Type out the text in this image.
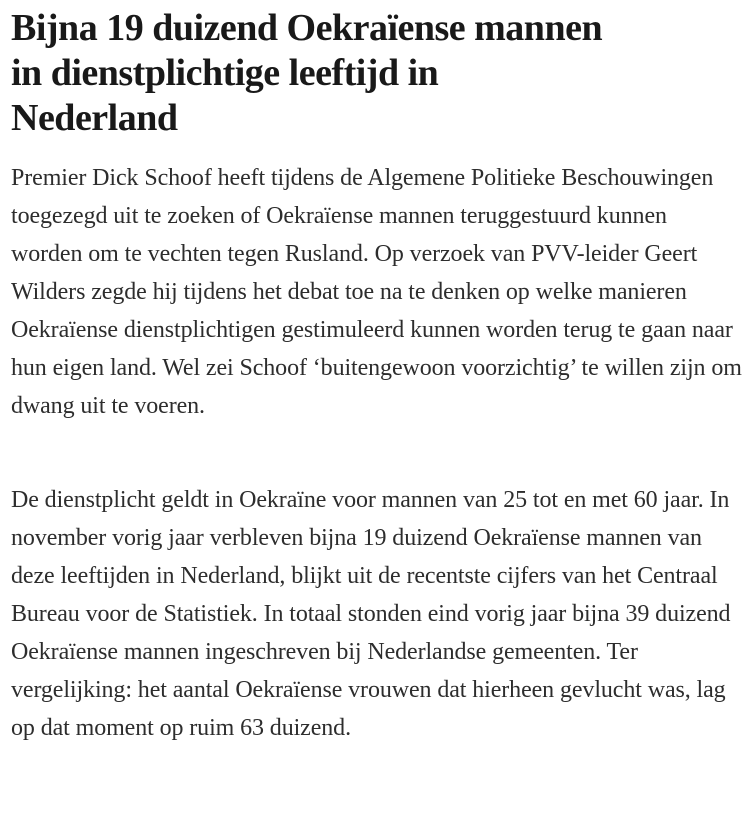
Bijna 19 duizend Oekraïense mannen
in dienstplichtige leeftijd in
Nederland

Premier Dick Schoof heeft tijdens de Algemene Politieke Beschouwingen toegezegd uit te zoeken of Oekraïense mannen teruggestuurd kunnen worden om te vechten tegen Rusland. Op verzoek van PVV-leider Geert Wilders zegde hij tijdens het debat toe na te denken op welke manieren Oekraïense dienstplichtigen gestimuleerd kunnen worden terug te gaan naar hun eigen land. Wel zei Schoof ‘buitengewoon voorzichtig’ te willen zijn om dwang uit te voeren.

De dienstplicht geldt in Oekraïne voor mannen van 25 tot en met 60 jaar. In november vorig jaar verbleven bijna 19 duizend Oekraïense mannen van deze leeftijden in Nederland, blijkt uit de recentste cijfers van het Centraal Bureau voor de Statistiek. In totaal stonden eind vorig jaar bijna 39 duizend Oekraïense mannen ingeschreven bij Nederlandse gemeenten. Ter vergelijking: het aantal Oekraïense vrouwen dat hierheen gevlucht was, lag op dat moment op ruim 63 duizend.
